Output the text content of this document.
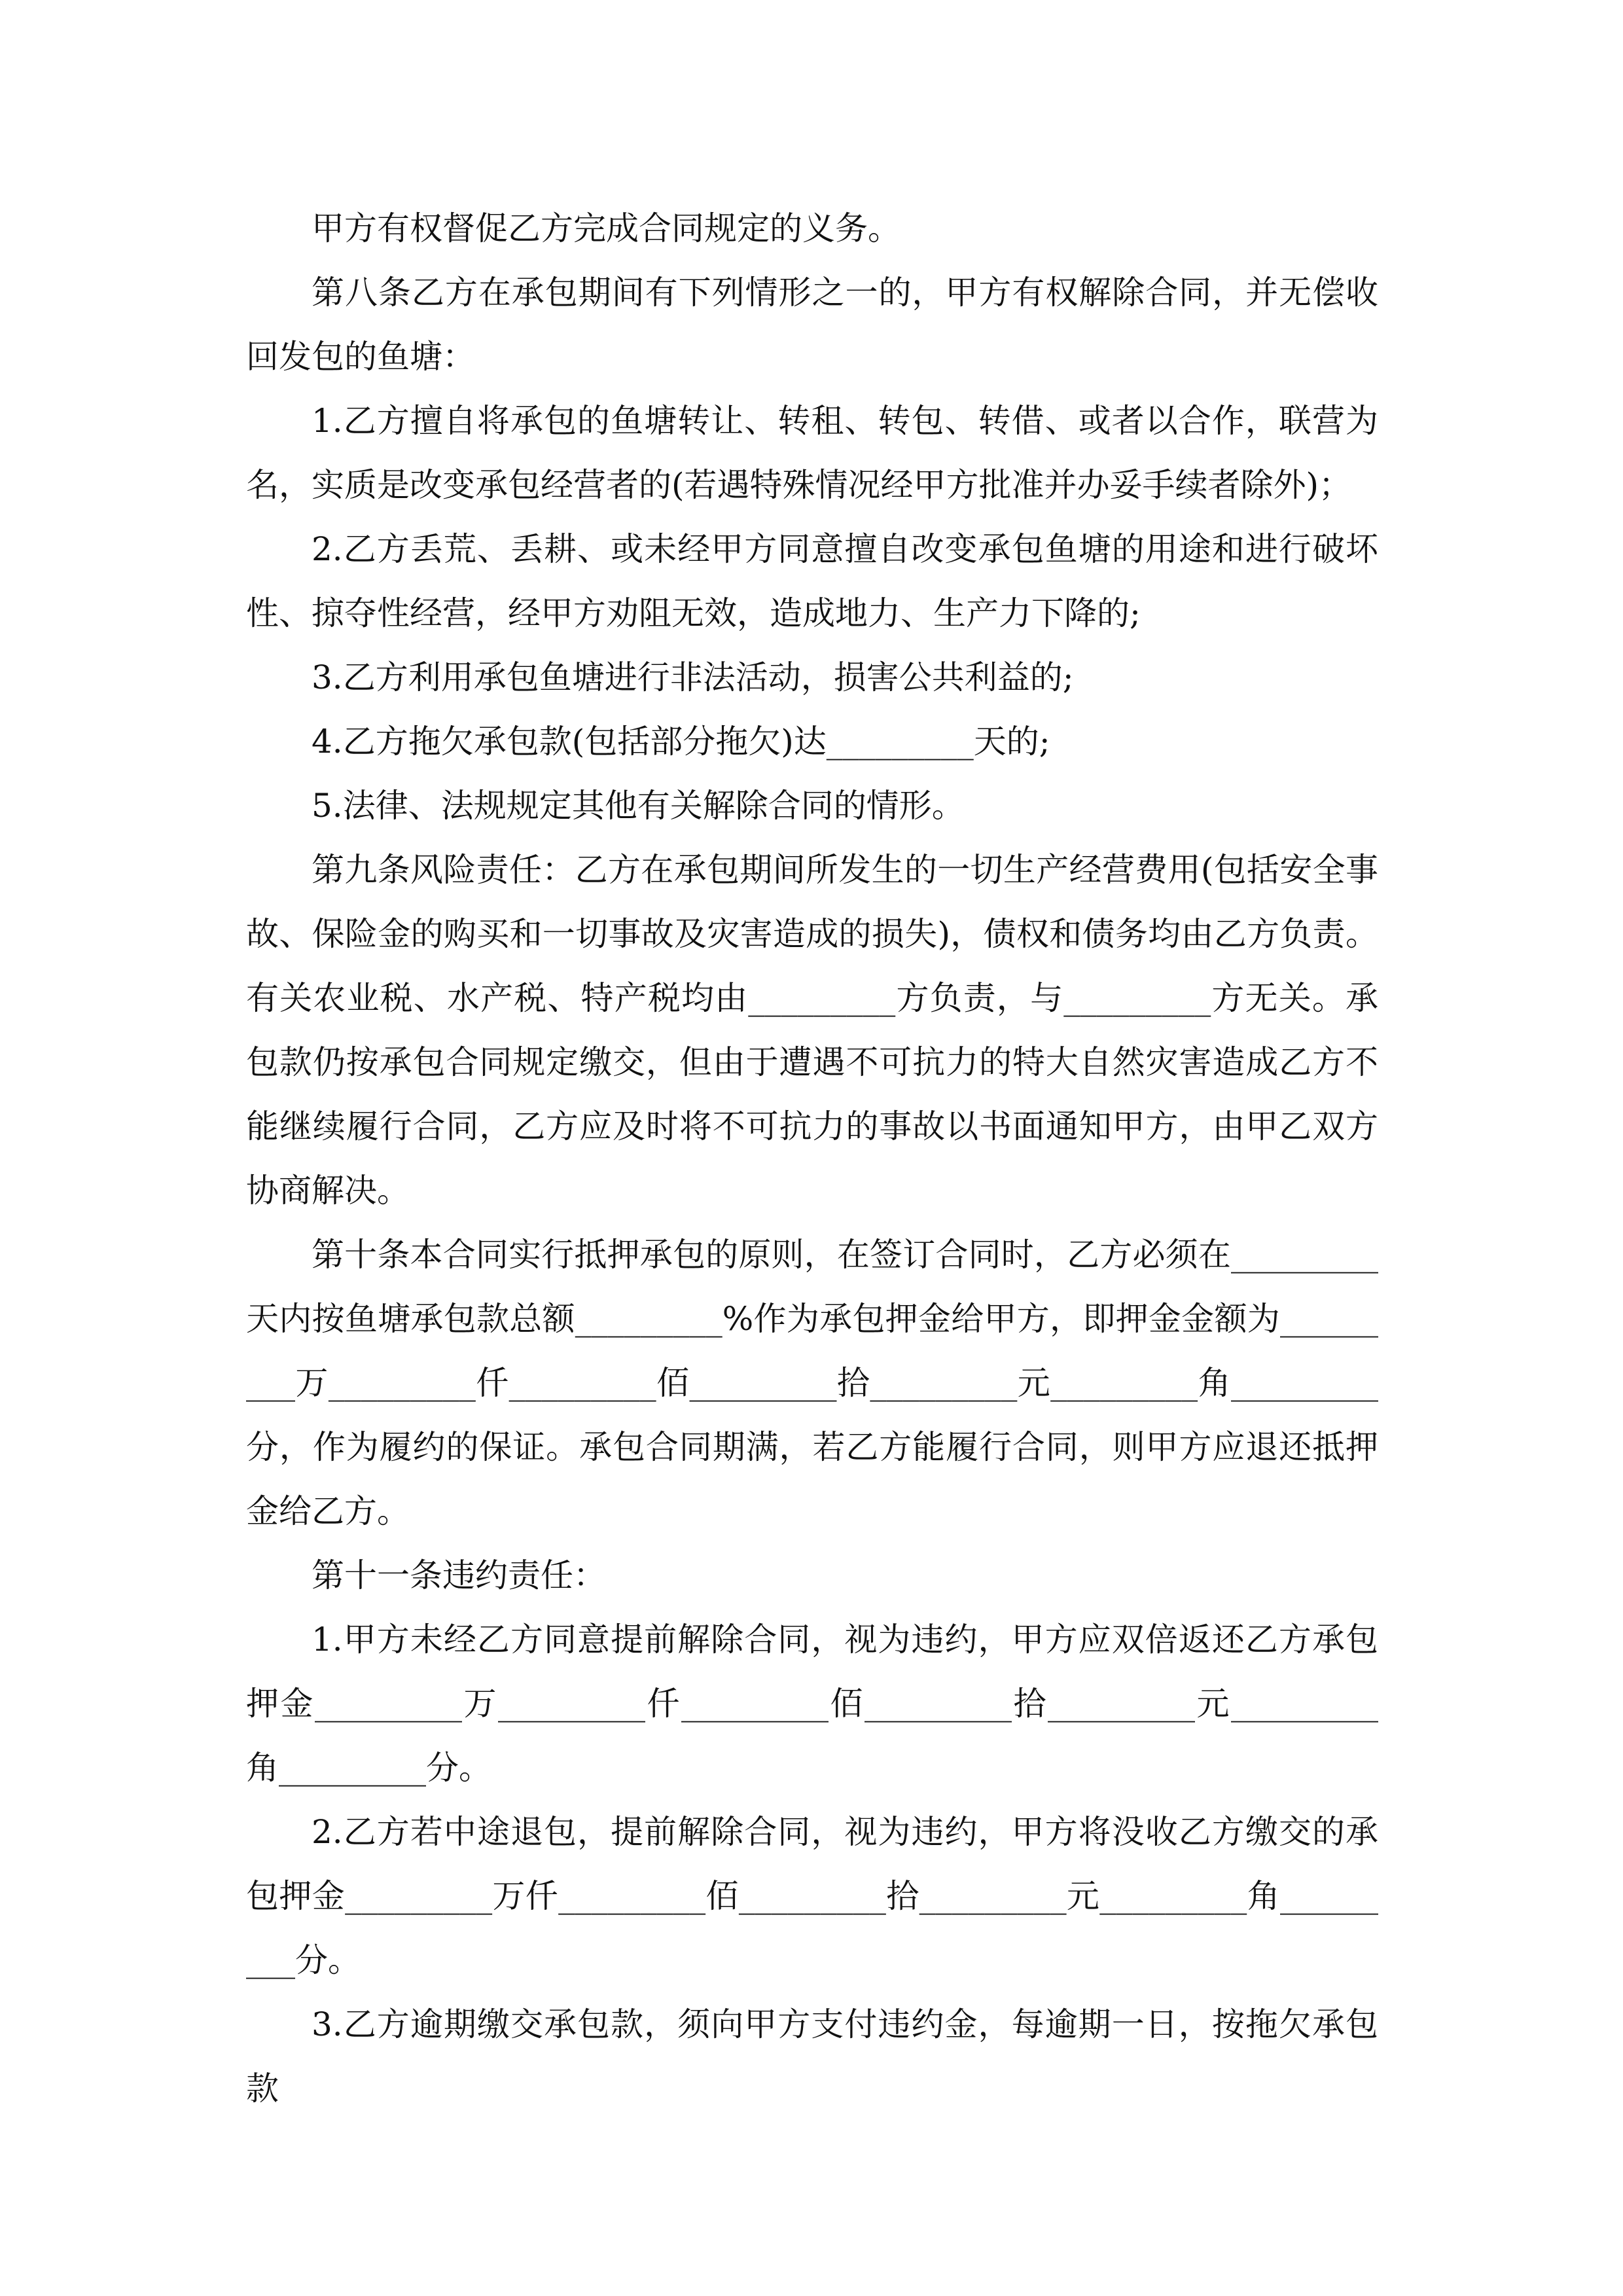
甲方有权督促乙方完成合同规定的义务。

第八条乙方在承包期间有下列情形之一的，甲方有权解除合同，并无偿收回发包的鱼塘：

1.乙方擅自将承包的鱼塘转让、转租、转包、转借、或者以合作，联营为名，实质是改变承包经营者的(若遇特殊情况经甲方批准并办妥手续者除外)；

2.乙方丢荒、丢耕、或未经甲方同意擅自改变承包鱼塘的用途和进行破坏性、掠夺性经营，经甲方劝阻无效，造成地力、生产力下降的;

3.乙方利用承包鱼塘进行非法活动，损害公共利益的;

4.乙方拖欠承包款(包括部分拖欠)达_________天的;

5.法律、法规规定其他有关解除合同的情形。

第九条风险责任：乙方在承包期间所发生的一切生产经营费用(包括安全事故、保险金的购买和一切事故及灾害造成的损失)，债权和债务均由乙方负责。有关农业税、水产税、特产税均由_________方负责，与_________方无关。承包款仍按承包合同规定缴交，但由于遭遇不可抗力的特大自然灾害造成乙方不能继续履行合同，乙方应及时将不可抗力的事故以书面通知甲方，由甲乙双方协商解决。

第十条本合同实行抵押承包的原则，在签订合同时，乙方必须在_________天内按鱼塘承包款总额_________%作为承包押金给甲方，即押金金额为_________万_________仟_________佰_________拾_________元_________角_________分，作为履约的保证。承包合同期满，若乙方能履行合同，则甲方应退还抵押金给乙方。

第十一条违约责任：

1.甲方未经乙方同意提前解除合同，视为违约，甲方应双倍返还乙方承包押金_________万_________仟_________佰_________拾_________元_________角_________分。

2.乙方若中途退包，提前解除合同，视为违约，甲方将没收乙方缴交的承包押金_________万仟_________佰_________拾_________元_________角_________分。

3.乙方逾期缴交承包款，须向甲方支付违约金，每逾期一日，按拖欠承包款
